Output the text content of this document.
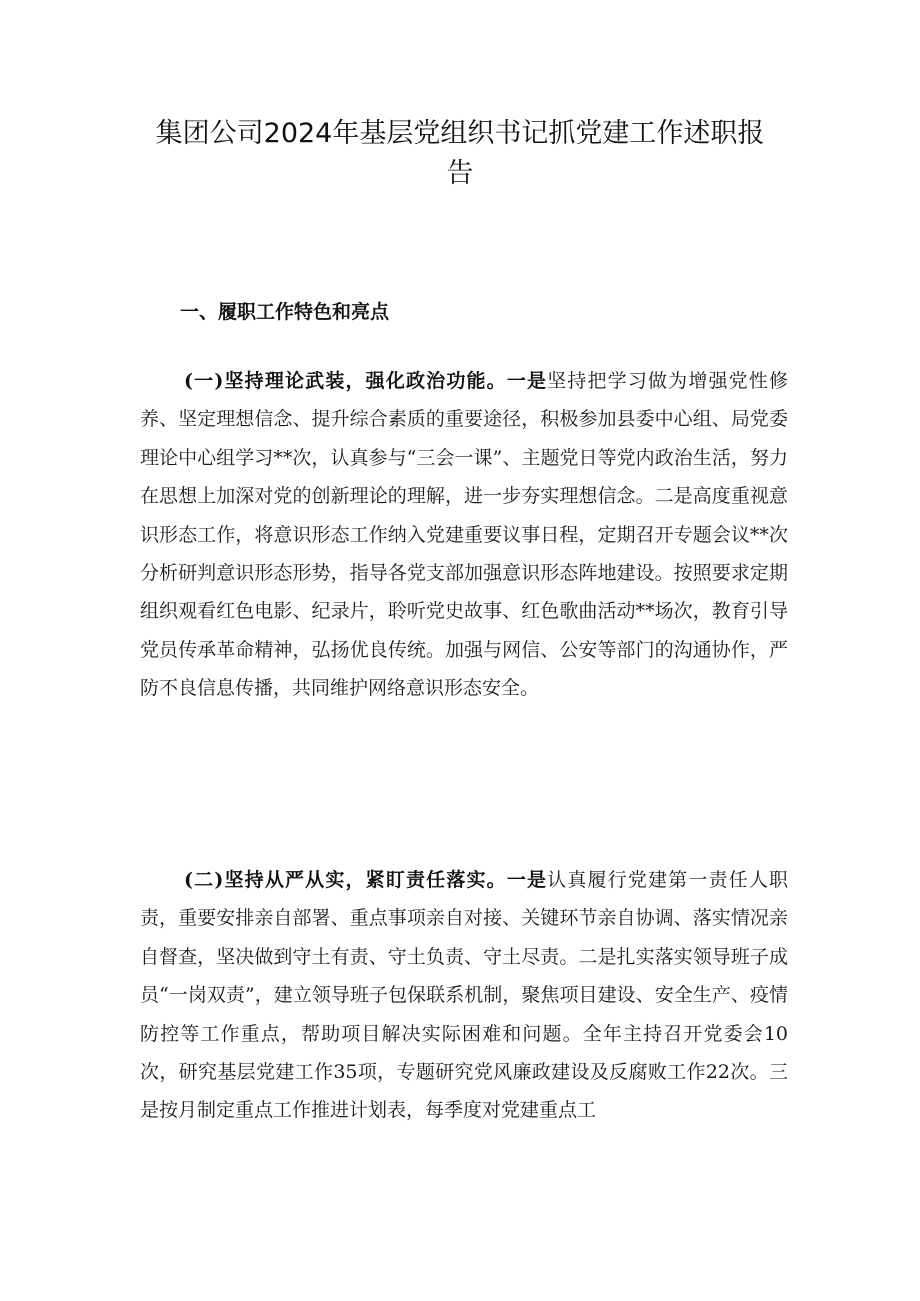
集团公司2024年基层党组织书记抓党建工作述职报告
一、履职工作特色和亮点

(一)坚持理论武装，强化政治功能。一是坚持把学习做为增强党性修养、坚定理想信念、提升综合素质的重要途径，积极参加县委中心组、局党委理论中心组学习**次，认真参与“三会一课”、主题党日等党内政治生活，努力在思想上加深对党的创新理论的理解，进一步夯实理想信念。二是高度重视意识形态工作，将意识形态工作纳入党建重要议事日程，定期召开专题会议**次分析研判意识形态形势，指导各党支部加强意识形态阵地建设。按照要求定期组织观看红色电影、纪录片，聆听党史故事、红色歌曲活动**场次，教育引导党员传承革命精神，弘扬优良传统。加强与网信、公安等部门的沟通协作，严防不良信息传播，共同维护网络意识形态安全。

(二)坚持从严从实，紧盯责任落实。一是认真履行党建第一责任人职责，重要安排亲自部署、重点事项亲自对接、关键环节亲自协调、落实情况亲自督查，坚决做到守土有责、守土负责、守土尽责。二是扎实落实领导班子成员“一岗双责”，建立领导班子包保联系机制，聚焦项目建设、安全生产、疫情防控等工作重点，帮助项目解决实际困难和问题。全年主持召开党委会10次，研究基层党建工作35项，专题研究党风廉政建设及反腐败工作22次。三是按月制定重点工作推进计划表，每季度对党建重点工
